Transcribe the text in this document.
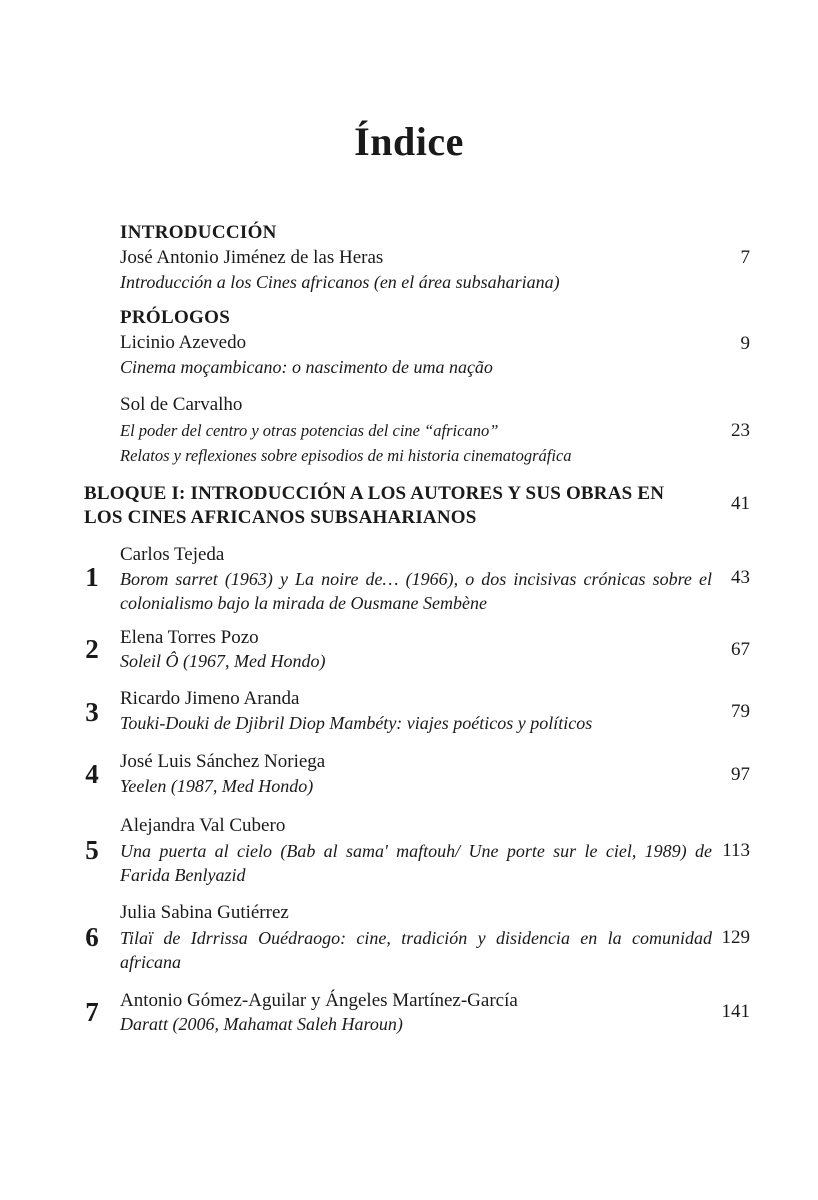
Índice
INTRODUCCIÓN
José Antonio Jiménez de las Heras
Introducción a los Cines africanos (en el área subsahariana)
7
PRÓLOGOS
Licinio Azevedo
Cinema moçambicano: o nascimento de uma nação
9
Sol de Carvalho
El poder del centro y otras potencias del cine “africano”
Relatos y reflexiones sobre episodios de mi historia cinematográfica
23
BLOQUE I: INTRODUCCIÓN A LOS AUTORES Y SUS OBRAS EN
LOS CINES AFRICANOS SUBSAHARIANOS
41
Carlos Tejeda
1 Borom sarret (1963) y La noire de… (1966), o dos incisivas crónicas sobre el colonialismo bajo la mirada de Ousmane Sembène
43
Elena Torres Pozo
2 Soleil Ô (1967, Med Hondo)
67
Ricardo Jimeno Aranda
3 Touki-Douki de Djibril Diop Mambéty: viajes poéticos y políticos
79
José Luis Sánchez Noriega
4 Yeelen (1987, Med Hondo)
97
Alejandra Val Cubero
5 Una puerta al cielo (Bab al sama' maftouh/ Une porte sur le ciel, 1989) de Farida Benlyazid
113
Julia Sabina Gutiérrez
6 Tilaï de Idrrissa Ouédraogo: cine, tradición y disidencia en la comunidad africana
129
Antonio Gómez-Aguilar y Ángeles Martínez-García
7 Daratt (2006, Mahamat Saleh Haroun)
141
